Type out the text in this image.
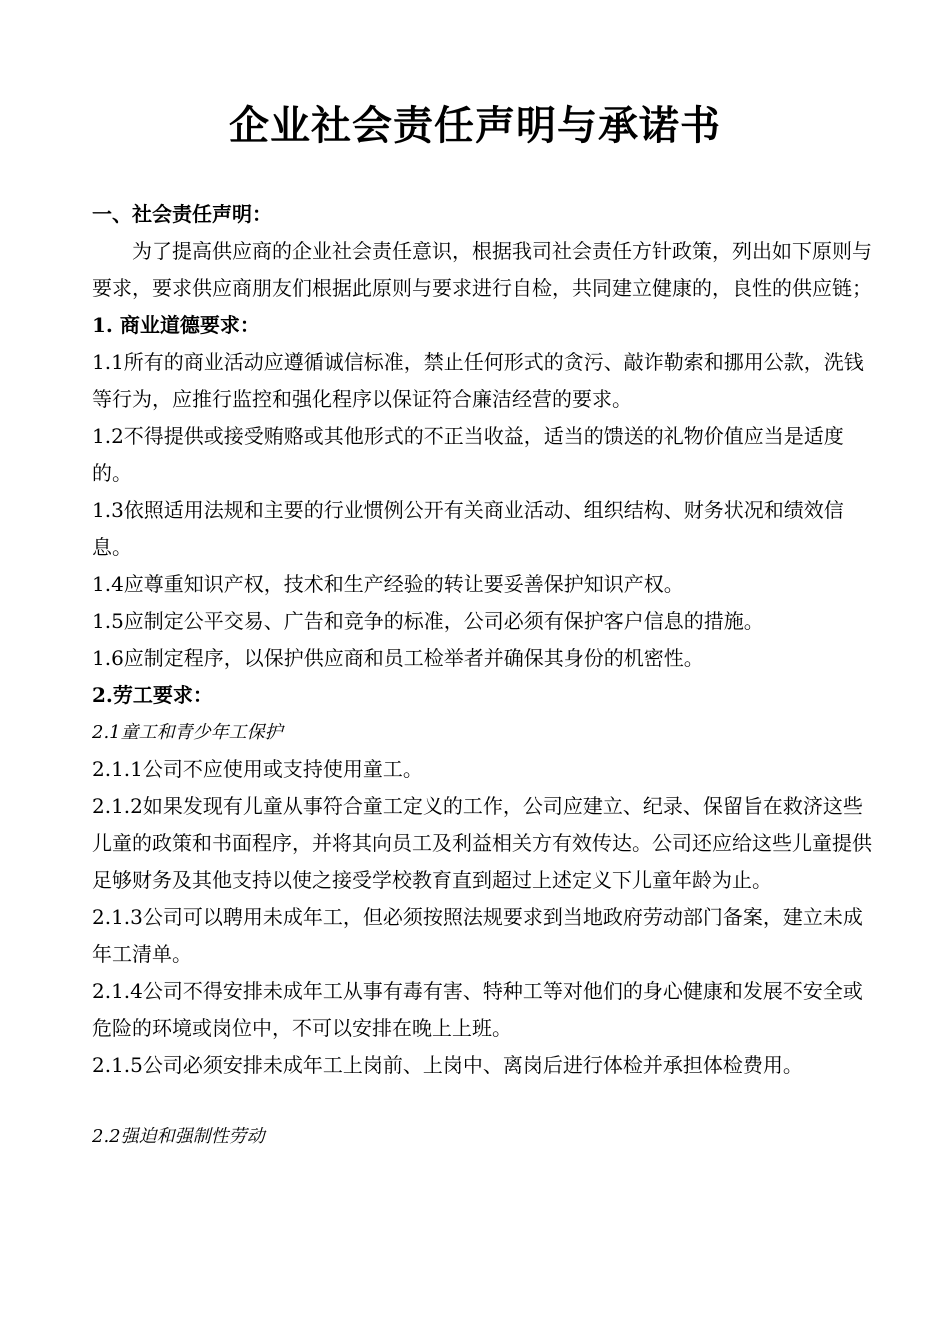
企业社会责任声明与承诺书

一、社会责任声明：

为了提高供应商的企业社会责任意识，根据我司社会责任方针政策，列出如下原则与要求，要求供应商朋友们根据此原则与要求进行自检，共同建立健康的，良性的供应链；

1. 商业道德要求：

1.1所有的商业活动应遵循诚信标准，禁止任何形式的贪污、敲诈勒索和挪用公款，洗钱等行为，应推行监控和强化程序以保证符合廉洁经营的要求。

1.2不得提供或接受贿赂或其他形式的不正当收益，适当的馈送的礼物价值应当是适度的。

1.3依照适用法规和主要的行业惯例公开有关商业活动、组织结构、财务状况和绩效信息。

1.4应尊重知识产权，技术和生产经验的转让要妥善保护知识产权。

1.5应制定公平交易、广告和竞争的标准，公司必须有保护客户信息的措施。

1.6应制定程序，以保护供应商和员工检举者并确保其身份的机密性。

2.劳工要求：

2.1童工和青少年工保护

2.1.1公司不应使用或支持使用童工。

2.1.2如果发现有儿童从事符合童工定义的工作，公司应建立、纪录、保留旨在救济这些儿童的政策和书面程序，并将其向员工及利益相关方有效传达。公司还应给这些儿童提供足够财务及其他支持以使之接受学校教育直到超过上述定义下儿童年龄为止。

2.1.3公司可以聘用未成年工，但必须按照法规要求到当地政府劳动部门备案，建立未成年工清单。

2.1.4公司不得安排未成年工从事有毒有害、特种工等对他们的身心健康和发展不安全或危险的环境或岗位中，不可以安排在晚上上班。

2.1.5公司必须安排未成年工上岗前、上岗中、离岗后进行体检并承担体检费用。

2.2强迫和强制性劳动
